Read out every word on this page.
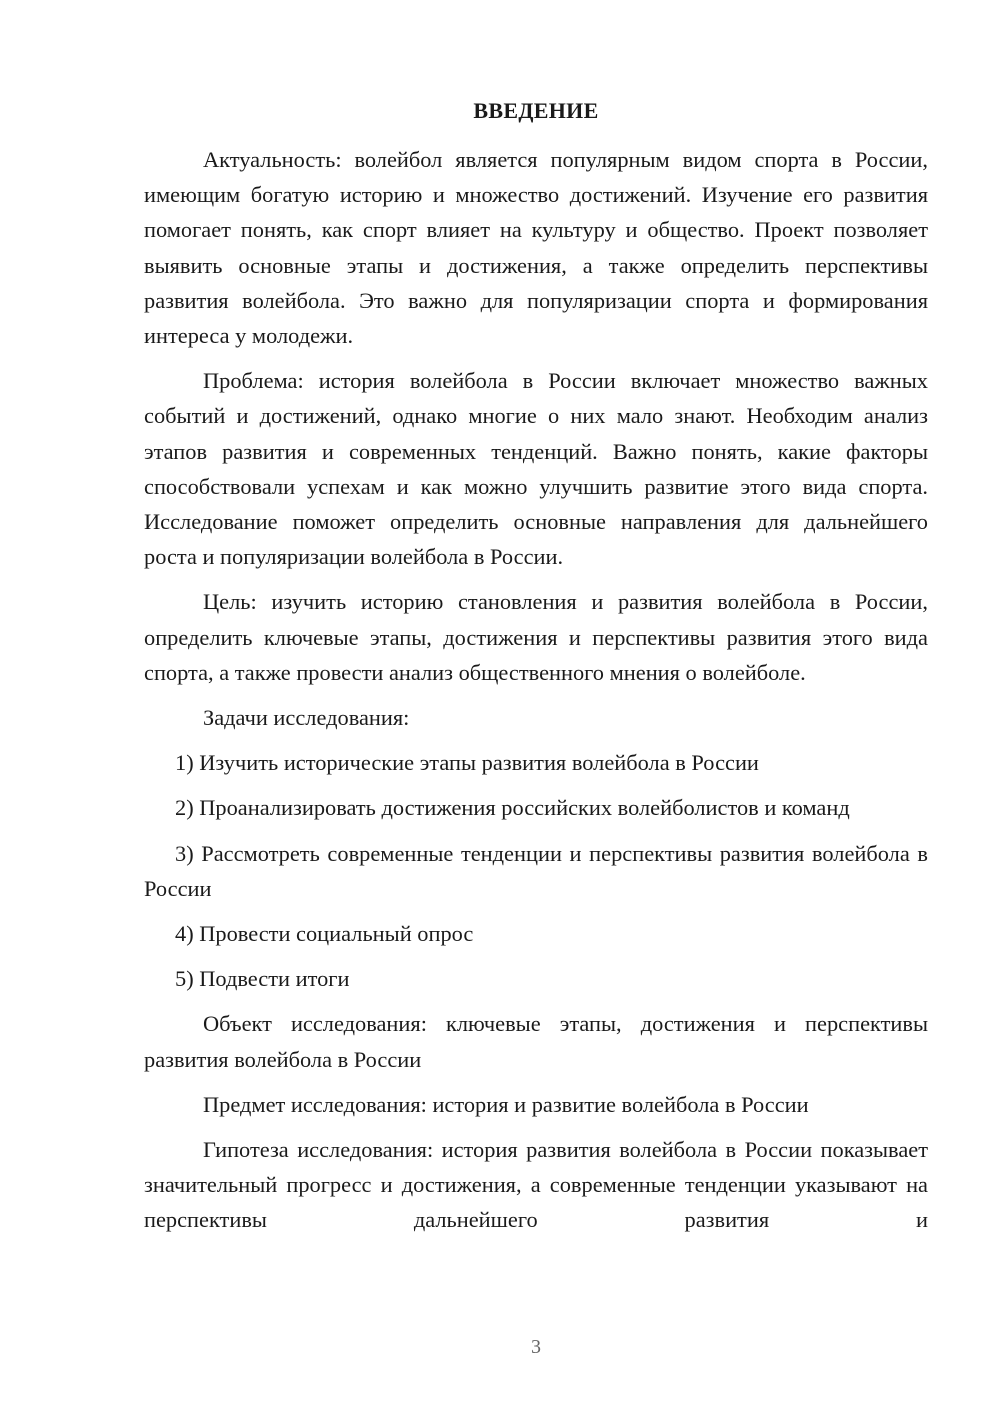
ВВЕДЕНИЕ

Актуальность: волейбол является популярным видом спорта в России, имеющим богатую историю и множество достижений. Изучение его развития помогает понять, как спорт влияет на культуру и общество. Проект позволяет выявить основные этапы и достижения, а также определить перспективы развития волейбола. Это важно для популяризации спорта и формирования интереса у молодежи.

Проблема: история волейбола в России включает множество важных событий и достижений, однако многие о них мало знают. Необходим анализ этапов развития и современных тенденций. Важно понять, какие факторы способствовали успехам и как можно улучшить развитие этого вида спорта. Исследование поможет определить основные направления для дальнейшего роста и популяризации волейбола в России.

Цель: изучить историю становления и развития волейбола в России, определить ключевые этапы, достижения и перспективы развития этого вида спорта, а также провести анализ общественного мнения о волейболе.

Задачи исследования:

1) Изучить исторические этапы развития волейбола в России

2) Проанализировать достижения российских волейболистов и команд

3) Рассмотреть современные тенденции и перспективы развития волейбола в России

4) Провести социальный опрос

5) Подвести итоги

Объект исследования: ключевые этапы, достижения и перспективы развития волейбола в России

Предмет исследования: история и развитие волейбола в России

Гипотеза исследования: история развития волейбола в России показывает значительный прогресс и достижения, а современные тенденции указывают на перспективы дальнейшего развития и

3
